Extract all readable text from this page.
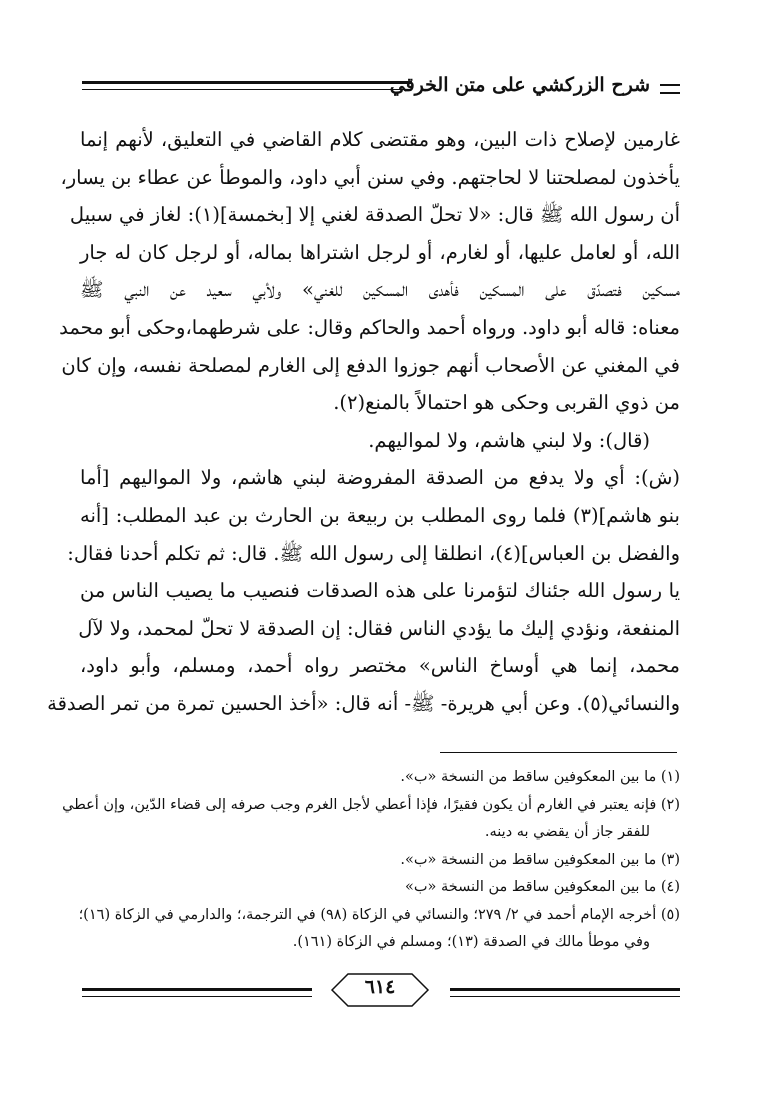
شرح الزركشي على متن الخرقي
غارمين لإصلاح ذات البين، وهو مقتضى كلام القاضي في التعليق، لأنهم إنما
يأخذون لمصلحتنا لا لحاجتهم. وفي سنن أبي داود، والموطأ عن عطاء بن يسار،
أن رسول الله ﷺ قال: «لا تحلّ الصدقة لغني إلا [بخمسة](١): لغاز في سبيل
الله، أو لعامل عليها، أو لغارم، أو لرجل اشتراها بماله، أو لرجل كان له جار
مسكين فتصدّق على المسكين فأهدى المسكين للغني» ولأبي سعيد عن النبي ﷺ
معناه: قاله أبو داود. ورواه أحمد والحاكم وقال: على شرطهما،وحكى أبو محمد
في المغني عن الأصحاب أنهم جوزوا الدفع إلى الغارم لمصلحة نفسه، وإن كان
من ذوي القربى وحكى هو احتمالاً بالمنع(٢).
(قال): ولا لبني هاشم، ولا لمواليهم.
(ش): أي ولا يدفع من الصدقة المفروضة لبني هاشم، ولا المواليهم [أما
بنو هاشم](٣) فلما روى المطلب بن ربيعة بن الحارث بن عبد المطلب: [أنه
والفضل بن العباس](٤)، انطلقا إلى رسول الله ﷺ. قال: ثم تكلم أحدنا فقال:
يا رسول الله جئناك لتؤمرنا على هذه الصدقات فنصيب ما يصيب الناس من
المنفعة، ونؤدي إليك ما يؤدي الناس فقال: إن الصدقة لا تحلّ لمحمد، ولا لآل
محمد، إنما هي أوساخ الناس» مختصر رواه أحمد، ومسلم، وأبو داود،
والنسائي(٥). وعن أبي هريرة- ﷺ- أنه قال: «أخذ الحسين تمرة من تمر الصدقة
(١) ما بين المعكوفين ساقط من النسخة «ب».
(٢) فإنه يعتبر في الغارم أن يكون فقيرًا، فإذا أعطي لأجل الغرم وجب صرفه إلى قضاء الدّين، وإن أعطي
للفقر جاز أن يقضي به دينه.
(٣) ما بين المعكوفين ساقط من النسخة «ب».
(٤) ما بين المعكوفين ساقط من النسخة «ب»
(٥) أخرجه الإمام أحمد في ٢/ ٢٧٩؛ والنسائي في الزكاة (٩٨) في الترجمة،؛ والدارمي في الزكاة (١٦)؛
وفي موطأ مالك في الصدقة (١٣)؛ ومسلم في الزكاة (١٦١).
٦١٤
